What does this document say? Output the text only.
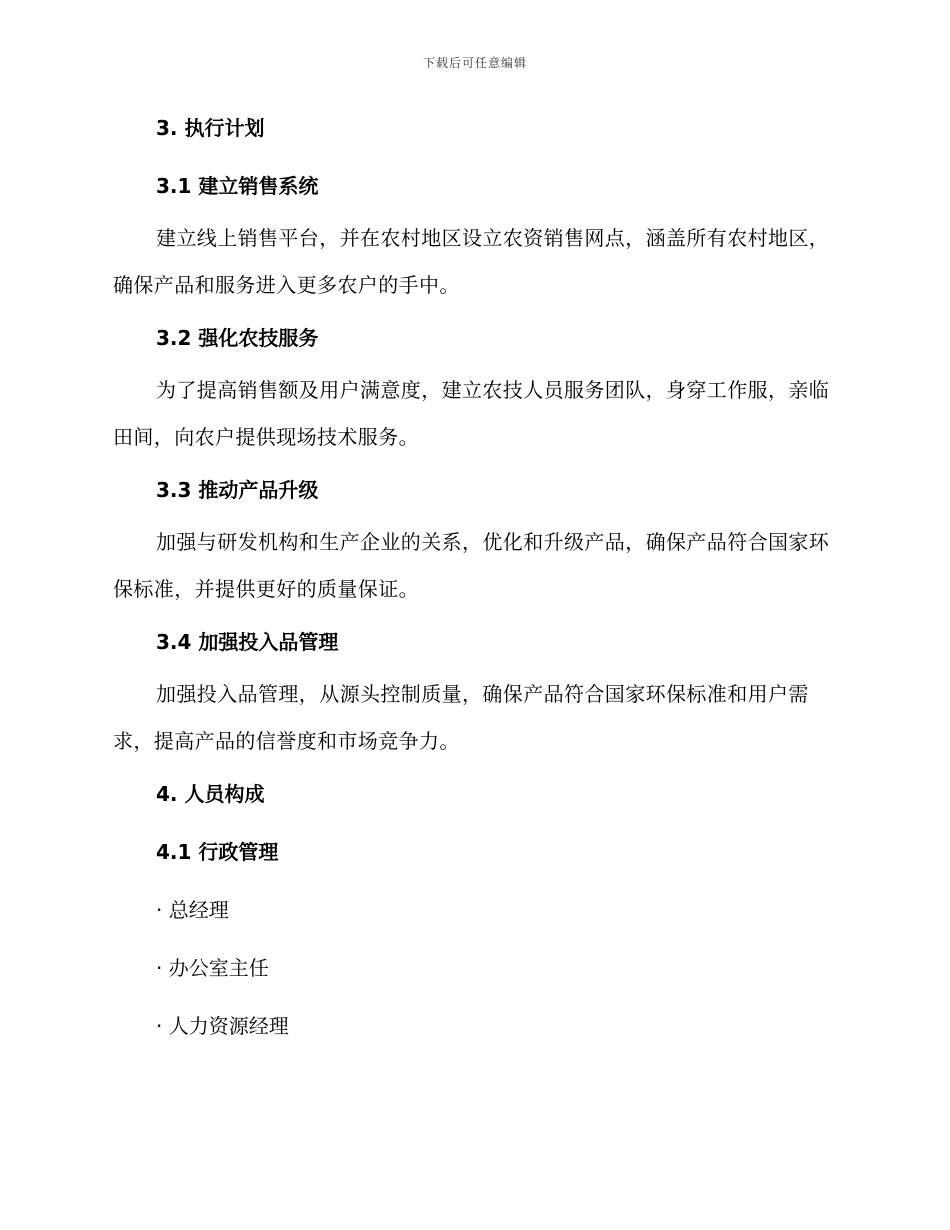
下载后可任意编辑
3. 执行计划
3.1 建立销售系统

建立线上销售平台，并在农村地区设立农资销售网点，涵盖所有农村地区，确保产品和服务进入更多农户的手中。

3.2 强化农技服务

为了提高销售额及用户满意度，建立农技人员服务团队，身穿工作服，亲临田间，向农户提供现场技术服务。

3.3 推动产品升级

加强与研发机构和生产企业的关系，优化和升级产品，确保产品符合国家环保标准，并提供更好的质量保证。

3.4 加强投入品管理

加强投入品管理，从源头控制质量，确保产品符合国家环保标准和用户需求，提高产品的信誉度和市场竞争力。

4. 人员构成
4.1 行政管理

· 总经理

· 办公室主任

· 人力资源经理
